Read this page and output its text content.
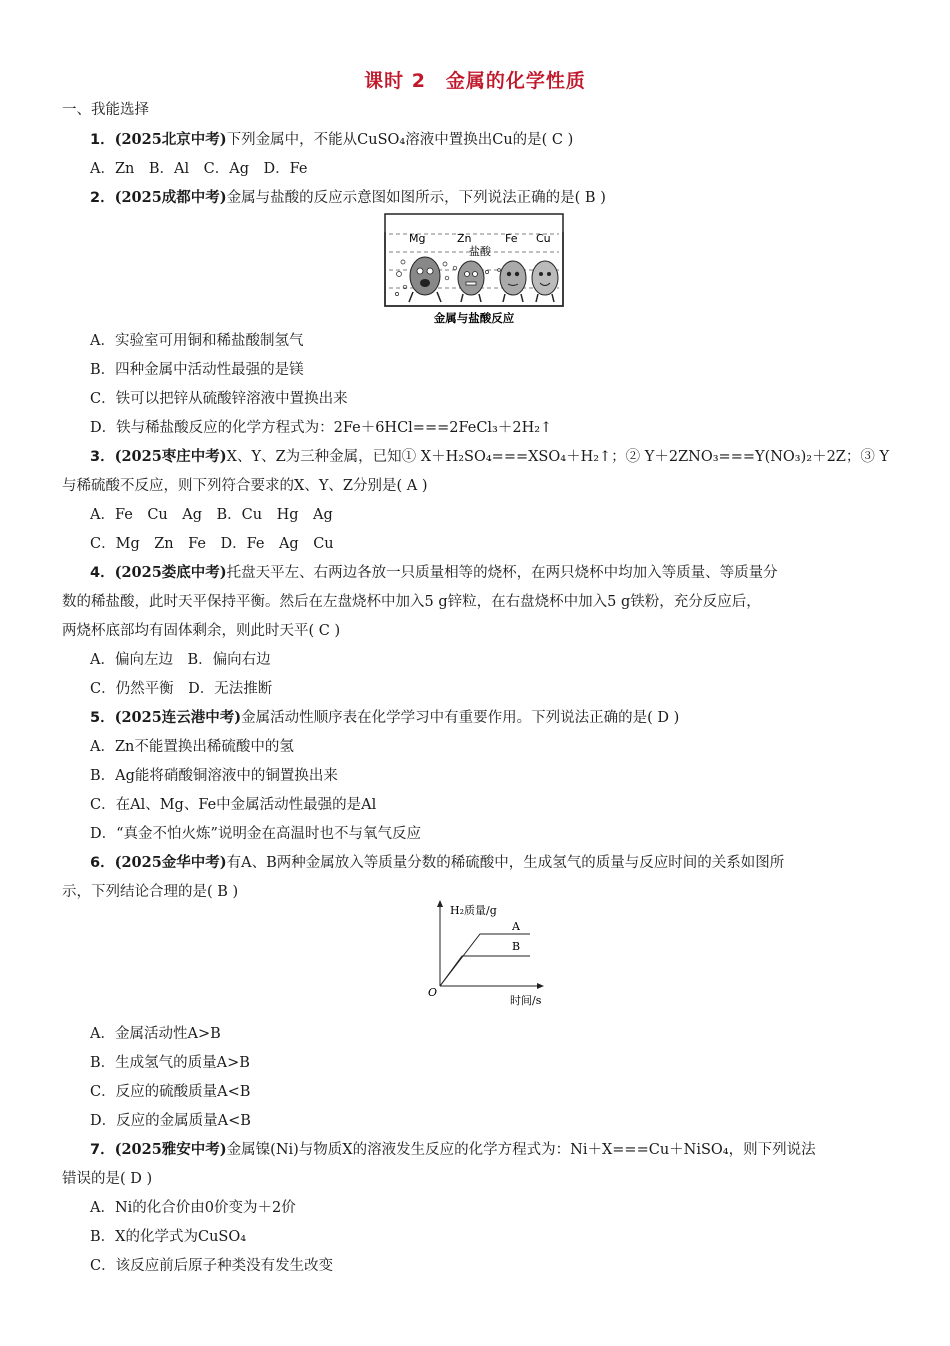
课时 2　金属的化学性质
一、我能选择
1．(2025北京中考)下列金属中，不能从CuSO₄溶液中置换出Cu的是( C )
A．Zn　B．Al　C．Ag　D．Fe
2．(2025成都中考)金属与盐酸的反应示意图如图所示，下列说法正确的是( B )
Mg	Zn	Fe Cu
盐酸
金属与盐酸反应
A．实验室可用铜和稀盐酸制氢气
B．四种金属中活动性最强的是镁
C．铁可以把锌从硫酸锌溶液中置换出来
D．铁与稀盐酸反应的化学方程式为：2Fe＋6HCl===2FeCl₃＋2H₂↑
3．(2025枣庄中考)X、Y、Z为三种金属，已知① X＋H₂SO₄===XSO₄＋H₂↑；② Y＋2ZNO₃===Y(NO₃)₂＋2Z；③ Y
与稀硫酸不反应，则下列符合要求的X、Y、Z分别是( A )
A．Fe　Cu　Ag　B．Cu　Hg　Ag
C．Mg　Zn　Fe　D．Fe　Ag　Cu
4．(2025娄底中考)托盘天平左、右两边各放一只质量相等的烧杯，在两只烧杯中均加入等质量、等质量分
数的稀盐酸，此时天平保持平衡。然后在左盘烧杯中加入5 g锌粒，在右盘烧杯中加入5 g铁粉，充分反应后，
两烧杯底部均有固体剩余，则此时天平( C )
A．偏向左边　B．偏向右边
C．仍然平衡　D．无法推断
5．(2025连云港中考)金属活动性顺序表在化学学习中有重要作用。下列说法正确的是( D )
A．Zn不能置换出稀硫酸中的氢
B．Ag能将硝酸铜溶液中的铜置换出来
C．在Al、Mg、Fe中金属活动性最强的是Al
D．“真金不怕火炼”说明金在高温时也不与氧气反应
6．(2025金华中考)有A、B两种金属放入等质量分数的稀硫酸中，生成氢气的质量与反应时间的关系如图所
示，下列结论合理的是( B )
H₂质量/g
A
B
O
时间/s
A．金属活动性A>B
B．生成氢气的质量A>B
C．反应的硫酸质量A<B
D．反应的金属质量A<B
7．(2025雅安中考)金属镍(Ni)与物质X的溶液发生反应的化学方程式为：Ni＋X===Cu＋NiSO₄，则下列说法
错误的是( D )
A．Ni的化合价由0价变为＋2价
B．X的化学式为CuSO₄
C．该反应前后原子种类没有发生改变
